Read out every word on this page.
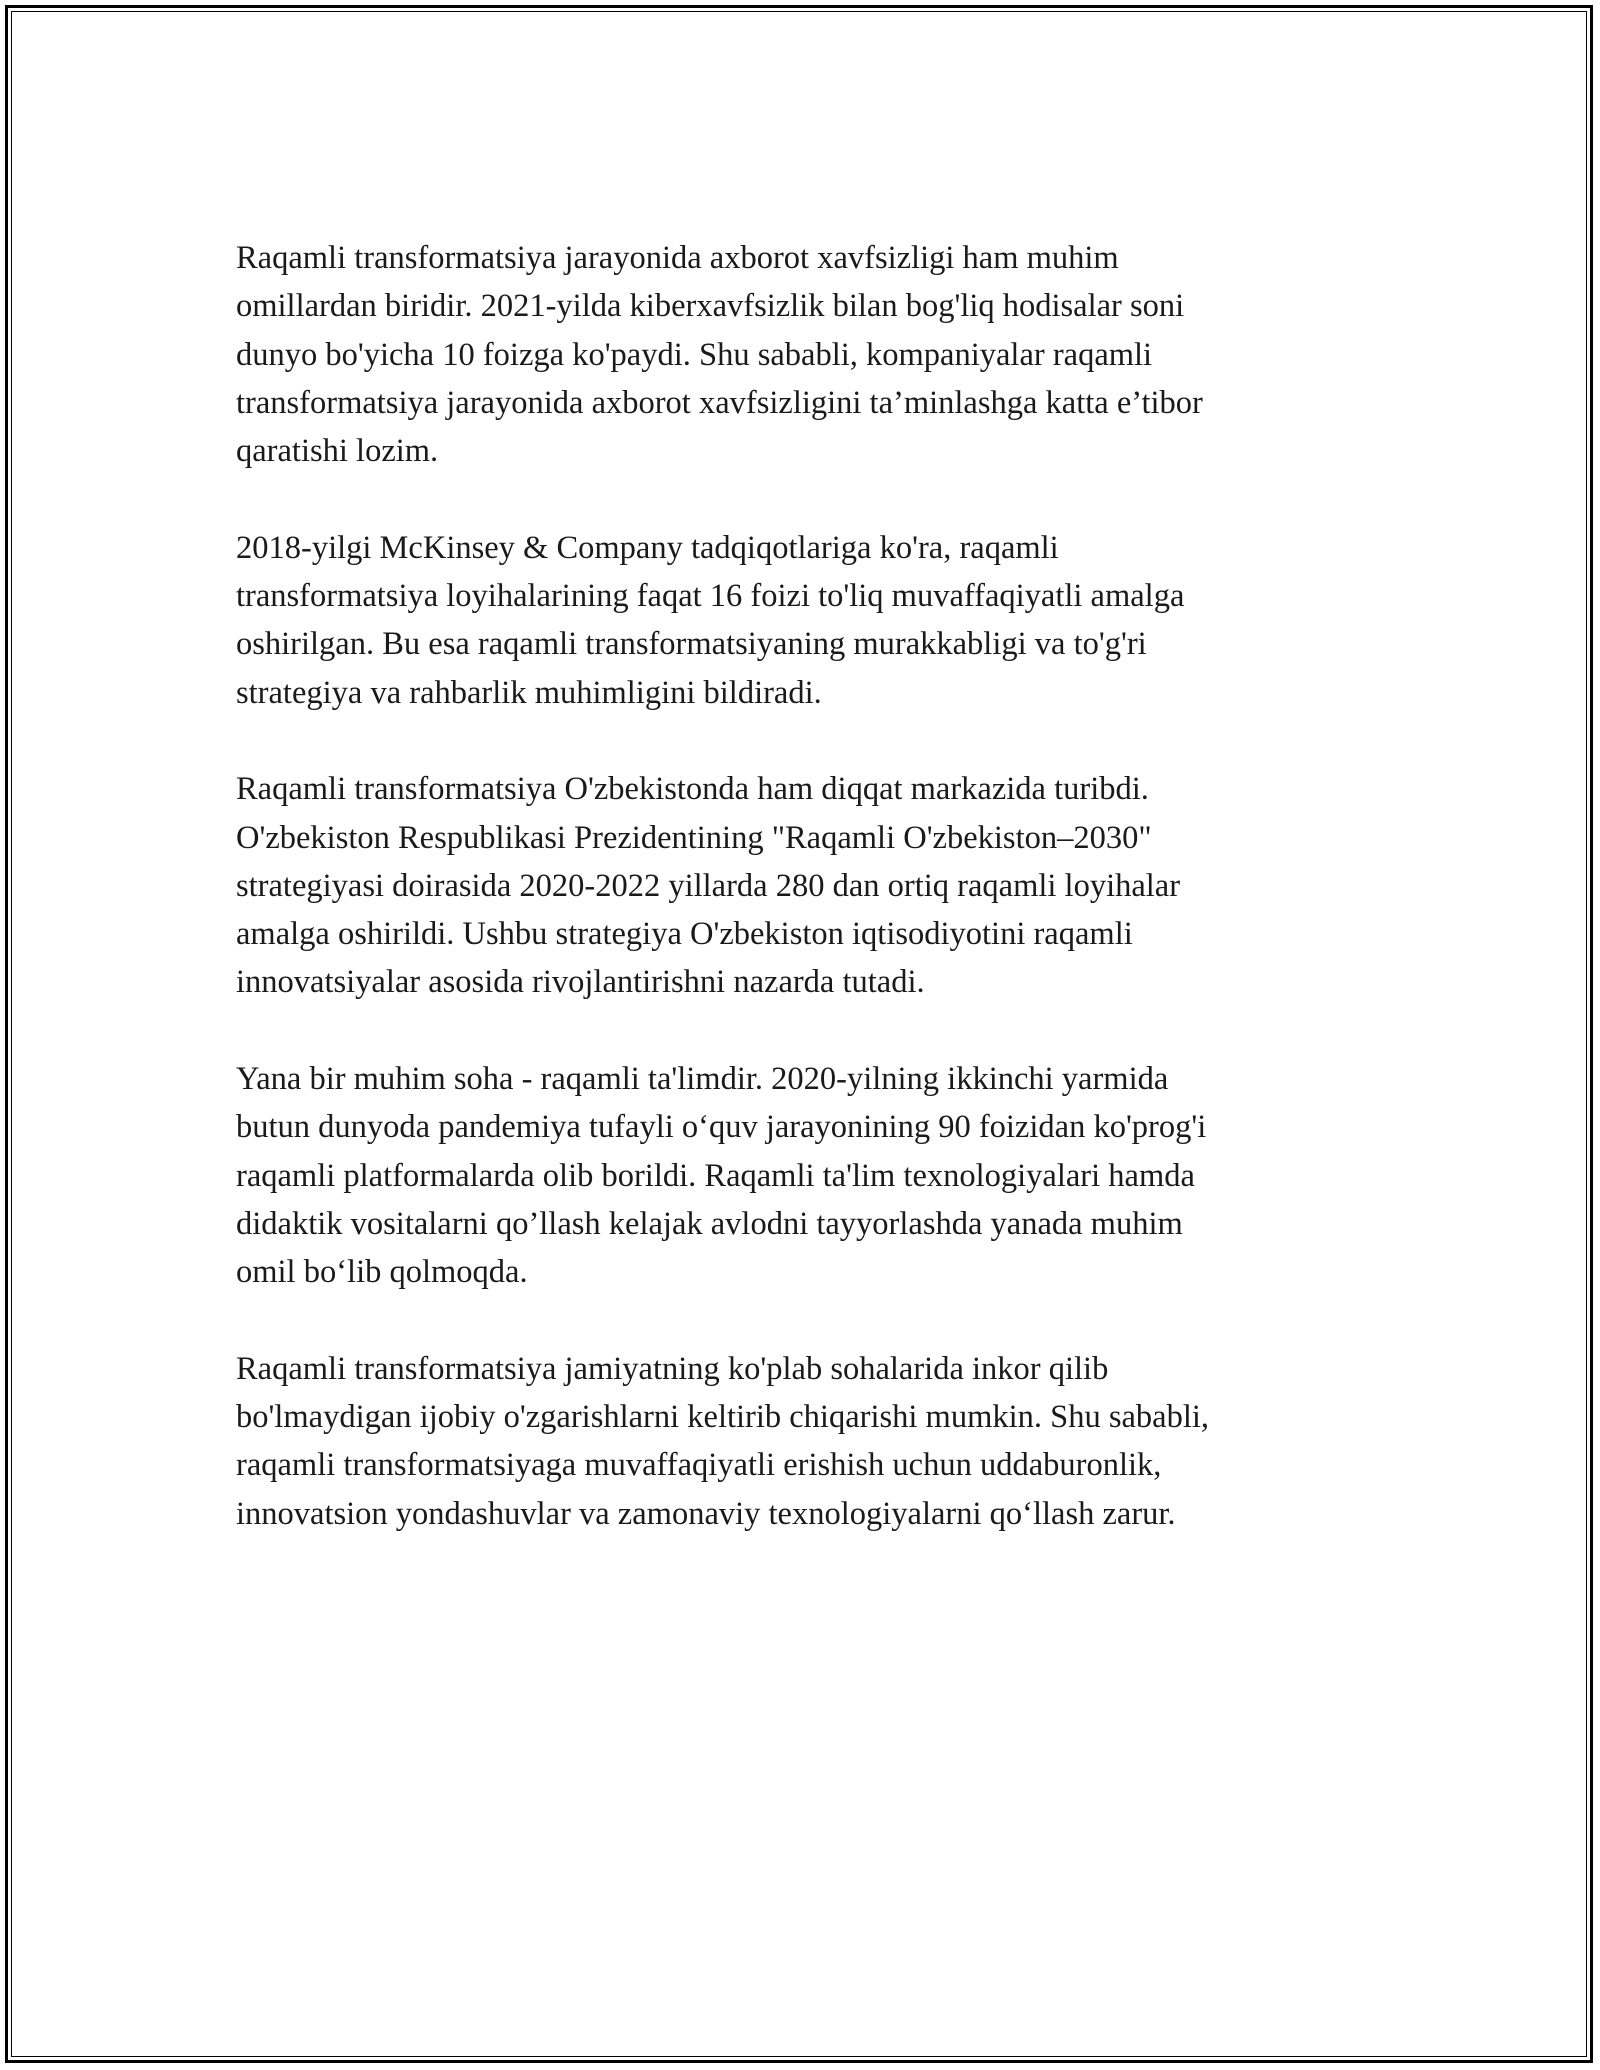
Raqamli transformatsiya jarayonida axborot xavfsizligi ham muhim
omillardan biridir. 2021-yilda kiberxavfsizlik bilan bog'liq hodisalar soni
dunyo bo'yicha 10 foizga ko'paydi. Shu sababli, kompaniyalar raqamli
transformatsiya jarayonida axborot xavfsizligini ta’minlashga katta e’tibor
qaratishi lozim.

2018-yilgi McKinsey & Company tadqiqotlariga ko'ra, raqamli
transformatsiya loyihalarining faqat 16 foizi to'liq muvaffaqiyatli amalga
oshirilgan. Bu esa raqamli transformatsiyaning murakkabligi va to'g'ri
strategiya va rahbarlik muhimligini bildiradi.

Raqamli transformatsiya O'zbekistonda ham diqqat markazida turibdi.
O'zbekiston Respublikasi Prezidentining "Raqamli O'zbekiston–2030"
strategiyasi doirasida 2020-2022 yillarda 280 dan ortiq raqamli loyihalar
amalga oshirildi. Ushbu strategiya O'zbekiston iqtisodiyotini raqamli
innovatsiyalar asosida rivojlantirishni nazarda tutadi.

Yana bir muhim soha - raqamli ta'limdir. 2020-yilning ikkinchi yarmida
butun dunyoda pandemiya tufayli o‘quv jarayonining 90 foizidan ko'prog'i
raqamli platformalarda olib borildi. Raqamli ta'lim texnologiyalari hamda
didaktik vositalarni qo’llash kelajak avlodni tayyorlashda yanada muhim
omil bo‘lib qolmoqda.

Raqamli transformatsiya jamiyatning ko'plab sohalarida inkor qilib
bo'lmaydigan ijobiy o'zgarishlarni keltirib chiqarishi mumkin. Shu sababli,
raqamli transformatsiyaga muvaffaqiyatli erishish uchun uddaburonlik,
innovatsion yondashuvlar va zamonaviy texnologiyalarni qo‘llash zarur.
